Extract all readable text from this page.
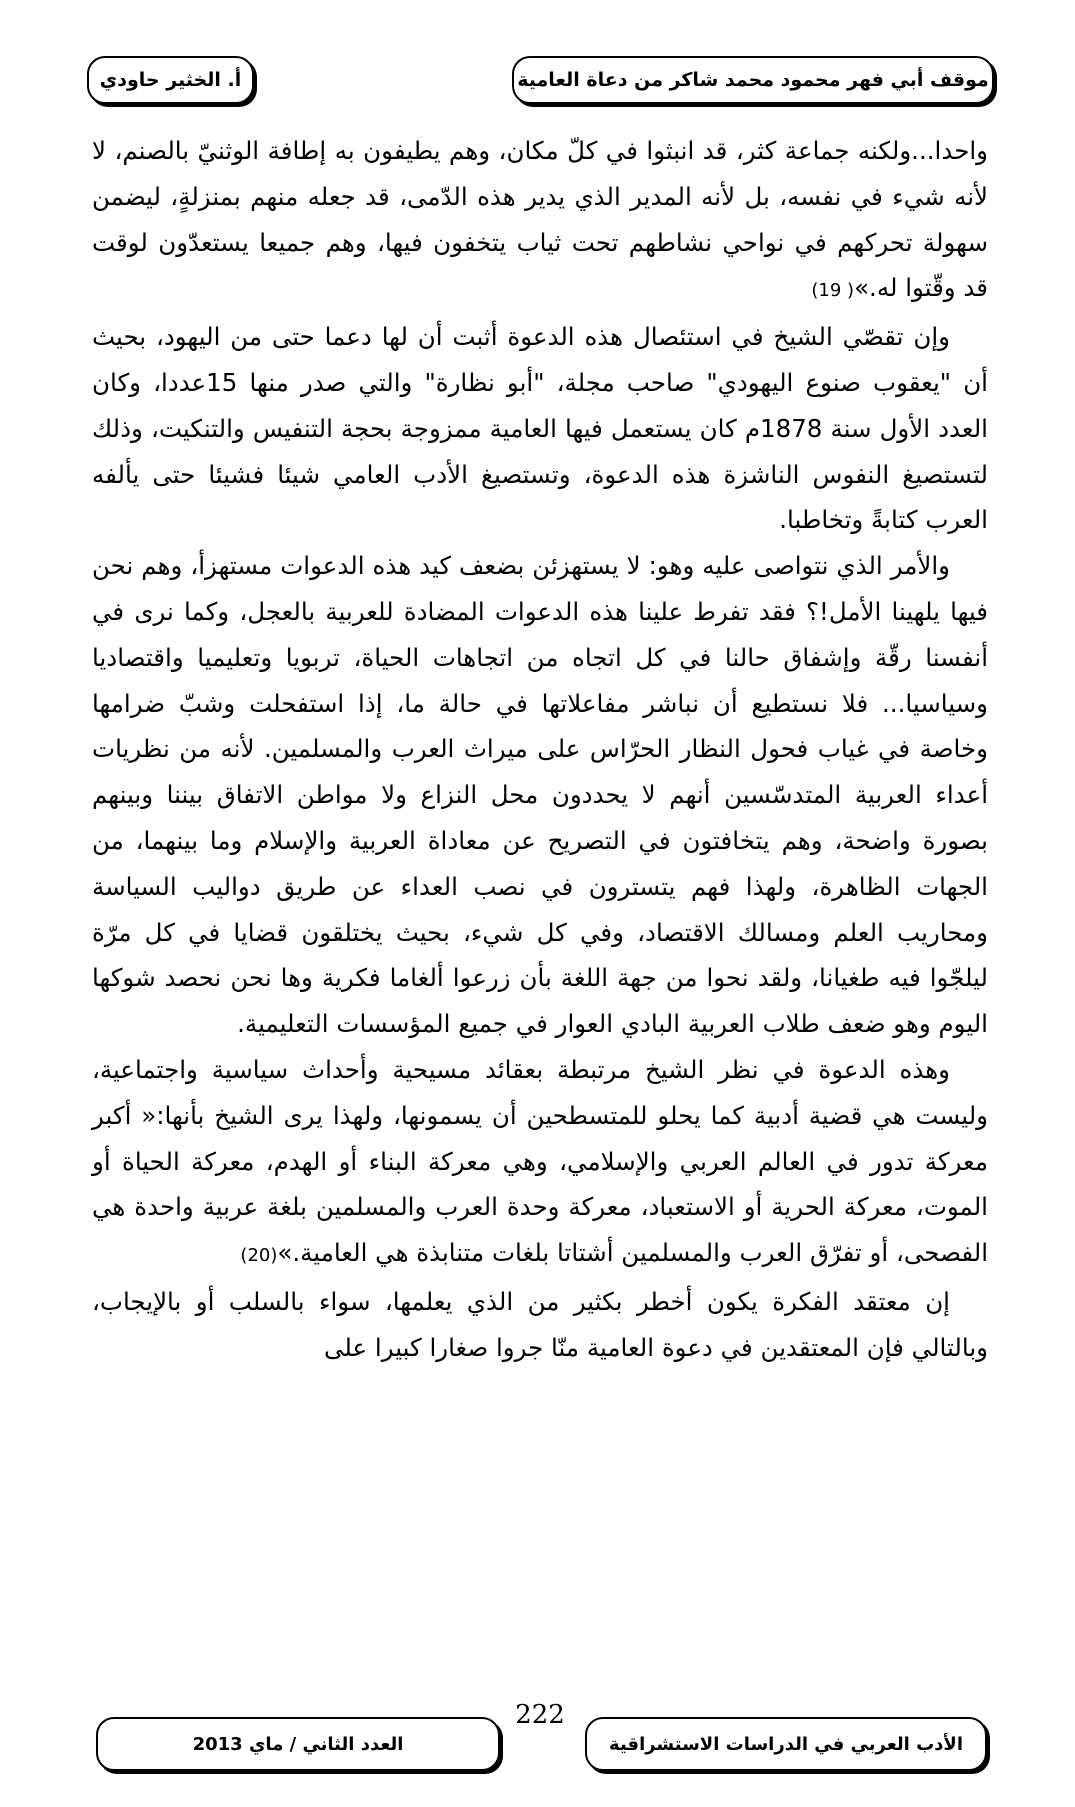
موقف أبي فهر محمود محمد شاكر من دعاة العامية
أ. الخثير حاودي

واحدا...ولكنه جماعة كثر، قد انبثوا في كلّ مكان، وهم يطيفون به إطافة الوثنيّ بالصنم، لا لأنه شيء في نفسه، بل لأنه المدير الذي يدير هذه الدّمى، قد جعله منهم بمنزلةٍ، ليضمن سهولة تحركهم في نواحي نشاطهم تحت ثياب يتخفون فيها، وهم جميعا يستعدّون لوقت قد وقّتوا له.»( 19)

وإن تقصّي الشيخ في استئصال هذه الدعوة أثبت أن لها دعما حتى من اليهود، بحيث أن "يعقوب صنوع اليهودي" صاحب مجلة، "أبو نظارة" والتي صدر منها 15عددا، وكان العدد الأول سنة 1878م كان يستعمل فيها العامية ممزوجة بحجة التنفيس والتنكيت، وذلك لتستصيغ النفوس الناشزة هذه الدعوة، وتستصيغ الأدب العامي شيئا فشيئا حتى يألفه العرب كتابةً وتخاطبا.

والأمر الذي نتواصى عليه وهو: لا يستهزئن بضعف كيد هذه الدعوات مستهزأ، وهم نحن فيها يلهينا الأمل!؟ فقد تفرط علينا هذه الدعوات المضادة للعربية بالعجل، وكما نرى في أنفسنا رقّة وإشفاق حالنا في كل اتجاه من اتجاهات الحياة، تربويا وتعليميا واقتصاديا وسياسيا... فلا نستطيع أن نباشر مفاعلاتها في حالة ما، إذا استفحلت وشبّ ضرامها وخاصة في غياب فحول النظار الحرّاس على ميراث العرب والمسلمين. لأنه من نظريات أعداء العربية المتدسّسين أنهم لا يحددون محل النزاع ولا مواطن الاتفاق بيننا وبينهم بصورة واضحة، وهم يتخافتون في التصريح عن معاداة العربية والإسلام وما بينهما، من الجهات الظاهرة، ولهذا فهم يتسترون في نصب العداء عن طريق دواليب السياسة ومحاريب العلم ومسالك الاقتصاد، وفي كل شيء، بحيث يختلقون قضايا في كل مرّة ليلجّوا فيه طغيانا، ولقد نحوا من جهة اللغة بأن زرعوا ألغاما فكرية وها نحن نحصد شوكها اليوم وهو ضعف طلاب العربية البادي العوار في جميع المؤسسات التعليمية.

وهذه الدعوة في نظر الشيخ مرتبطة بعقائد مسيحية وأحداث سياسية واجتماعية، وليست هي قضية أدبية كما يحلو للمتسطحين أن يسمونها، ولهذا يرى الشيخ بأنها:« أكبر معركة تدور في العالم العربي والإسلامي، وهي معركة البناء أو الهدم، معركة الحياة أو الموت، معركة الحرية أو الاستعباد، معركة وحدة العرب والمسلمين بلغة عربية واحدة هي الفصحى، أو تفرّق العرب والمسلمين أشتاتا بلغات متنابذة هي العامية.»(20)

إن معتقد الفكرة يكون أخطر بكثير من الذي يعلمها، سواء بالسلب أو بالإيجاب، وبالتالي فإن المعتقدين في دعوة العامية منّا جروا صغارا كبيرا على

الأدب العربي في الدراسات الاستشراقية
222
العدد الثاني / ماي 2013
